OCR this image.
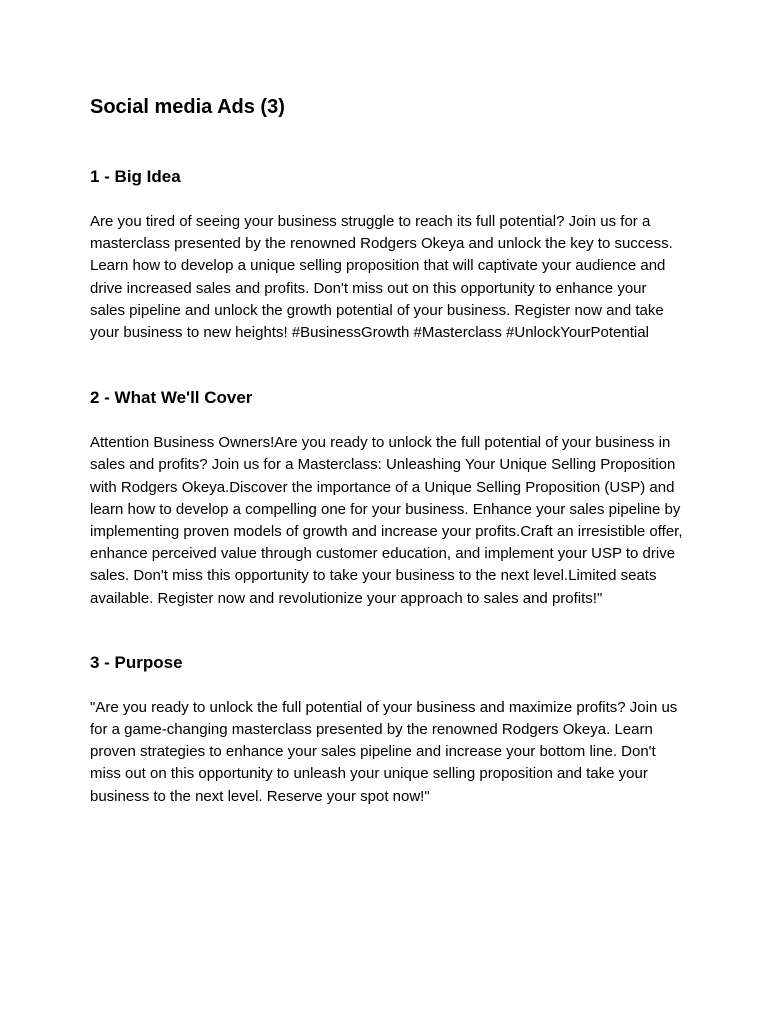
Social media Ads (3)
1 - Big Idea

Are you tired of seeing your business struggle to reach its full potential? Join us for a masterclass presented by the renowned Rodgers Okeya and unlock the key to success. Learn how to develop a unique selling proposition that will captivate your audience and drive increased sales and profits. Don't miss out on this opportunity to enhance your sales pipeline and unlock the growth potential of your business. Register now and take your business to new heights! #BusinessGrowth #Masterclass #UnlockYourPotential

2 - What We'll Cover

Attention Business Owners!Are you ready to unlock the full potential of your business in sales and profits? Join us for a Masterclass: Unleashing Your Unique Selling Proposition with Rodgers Okeya.Discover the importance of a Unique Selling Proposition (USP) and learn how to develop a compelling one for your business. Enhance your sales pipeline by implementing proven models of growth and increase your profits.Craft an irresistible offer, enhance perceived value through customer education, and implement your USP to drive sales. Don't miss this opportunity to take your business to the next level.Limited seats available. Register now and revolutionize your approach to sales and profits!"

3 - Purpose

"Are you ready to unlock the full potential of your business and maximize profits? Join us for a game-changing masterclass presented by the renowned Rodgers Okeya. Learn proven strategies to enhance your sales pipeline and increase your bottom line. Don't miss out on this opportunity to unleash your unique selling proposition and take your business to the next level. Reserve your spot now!"
